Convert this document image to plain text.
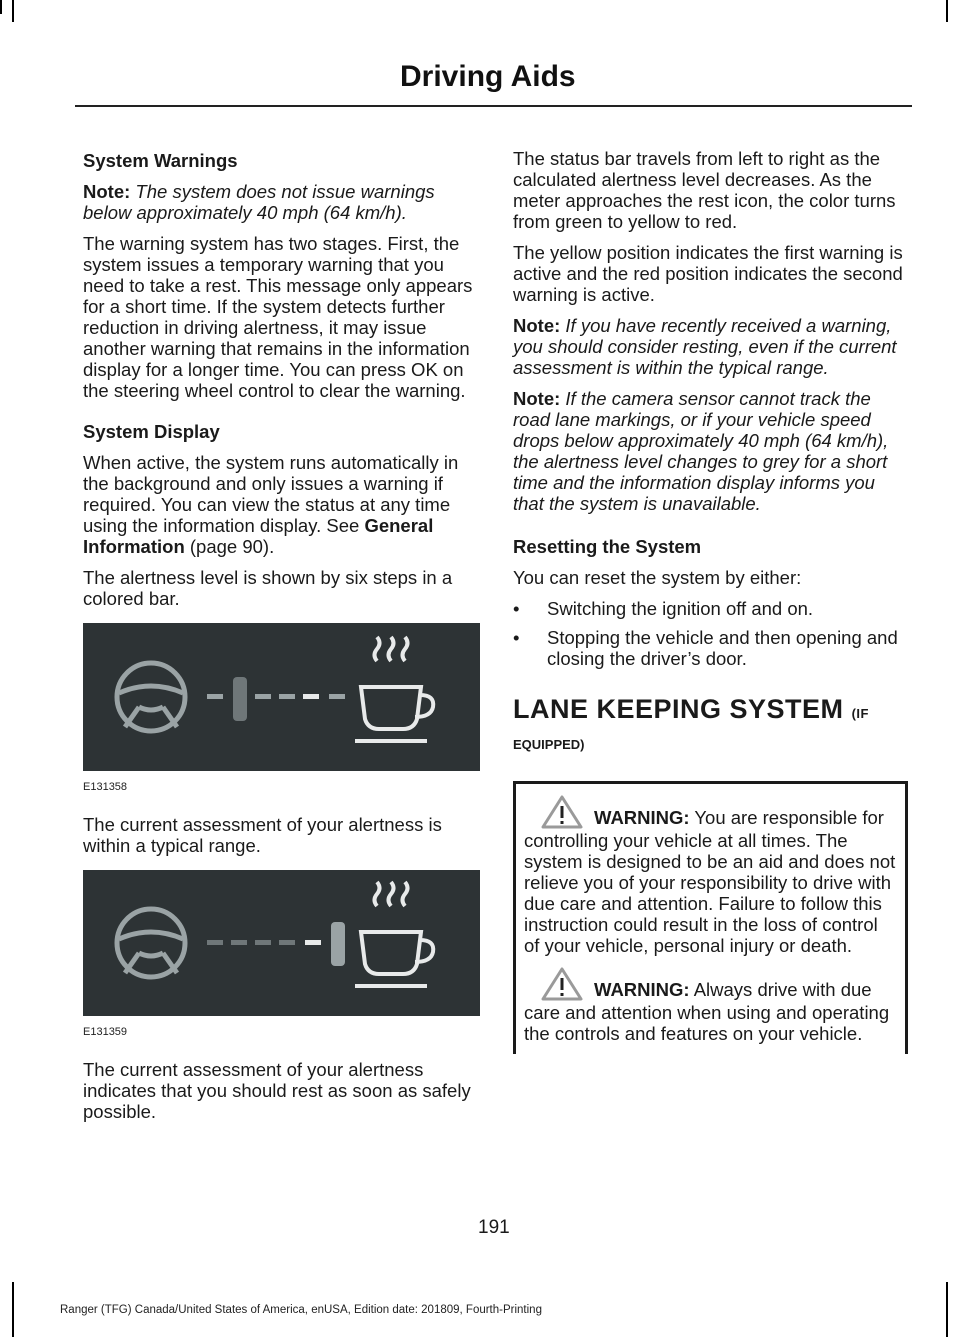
Driving Aids

System Warnings

Note: The system does not issue warnings below approximately 40 mph (64 km/h).

The warning system has two stages. First, the system issues a temporary warning that you need to take a rest. This message only appears for a short time. If the system detects further reduction in driving alertness, it may issue another warning that remains in the information display for a longer time. You can press OK on the steering wheel control to clear the warning.

System Display

When active, the system runs automatically in the background and only issues a warning if required. You can view the status at any time using the information display. See General Information (page 90).

The alertness level is shown by six steps in a colored bar.

E131358

The current assessment of your alertness is within a typical range.

E131359

The current assessment of your alertness indicates that you should rest as soon as safely possible.

The status bar travels from left to right as the calculated alertness level decreases. As the meter approaches the rest icon, the color turns from green to yellow to red.

The yellow position indicates the first warning is active and the red position indicates the second warning is active.

Note: If you have recently received a warning, you should consider resting, even if the current assessment is within the typical range.

Note: If the camera sensor cannot track the road lane markings, or if your vehicle speed drops below approximately 40 mph (64 km/h), the alertness level changes to grey for a short time and the information display informs you that the system is unavailable.

Resetting the System

You can reset the system by either:

• Switching the ignition off and on.
• Stopping the vehicle and then opening and closing the driver’s door.
LANE KEEPING SYSTEM (IF
EQUIPPED)

WARNING: You are responsible for controlling your vehicle at all times. The system is designed to be an aid and does not relieve you of your responsibility to drive with due care and attention. Failure to follow this instruction could result in the loss of control of your vehicle, personal injury or death.

WARNING: Always drive with due care and attention when using and operating the controls and features on your vehicle.

191
Ranger (TFG) Canada/United States of America, enUSA, Edition date: 201809, Fourth-Printing
